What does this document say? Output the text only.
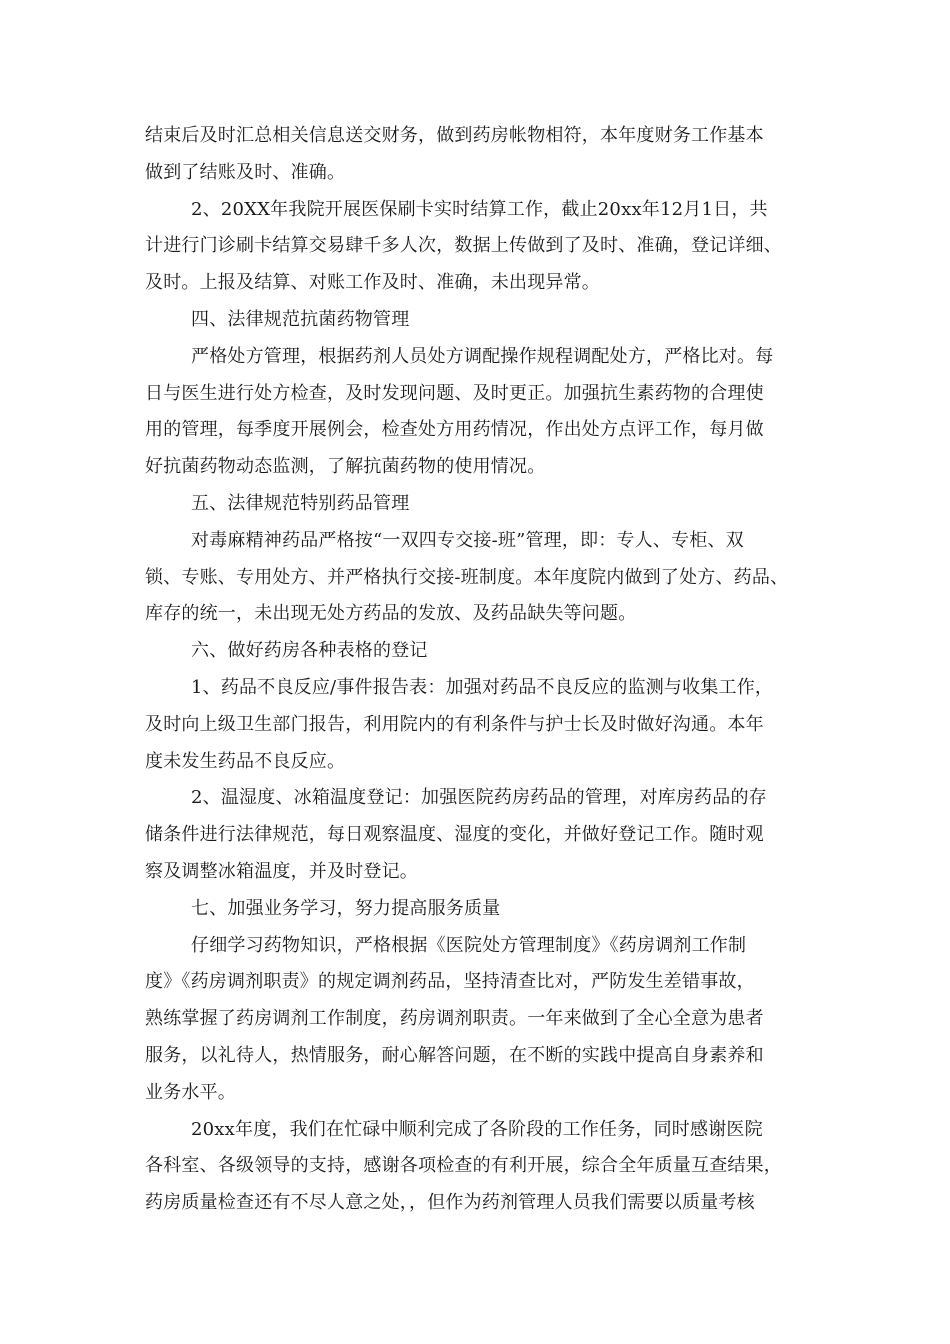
结束后及时汇总相关信息送交财务，做到药房帐物相符，本年度财务工作基本
做到了结账及时、准确。
2、20XX年我院开展医保刷卡实时结算工作，截止20xx年12月1日，共
计进行门诊刷卡结算交易肆千多人次，数据上传做到了及时、准确，登记详细、
及时。上报及结算、对账工作及时、准确，未出现异常。
四、法律规范抗菌药物管理
严格处方管理，根据药剂人员处方调配操作规程调配处方，严格比对。每
日与医生进行处方检查，及时发现问题、及时更正。加强抗生素药物的合理使
用的管理，每季度开展例会，检查处方用药情况，作出处方点评工作，每月做
好抗菌药物动态监测，了解抗菌药物的使用情况。
五、法律规范特别药品管理
对毒麻精神药品严格按“一双四专交接-班”管理，即：专人、专柜、双
锁、专账、专用处方、并严格执行交接-班制度。本年度院内做到了处方、药品、
库存的统一，未出现无处方药品的发放、及药品缺失等问题。
六、做好药房各种表格的登记
1、药品不良反应/事件报告表：加强对药品不良反应的监测与收集工作，
及时向上级卫生部门报告，利用院内的有利条件与护士长及时做好沟通。本年
度未发生药品不良反应。
2、温湿度、冰箱温度登记：加强医院药房药品的管理，对库房药品的存
储条件进行法律规范，每日观察温度、湿度的变化，并做好登记工作。随时观
察及调整冰箱温度，并及时登记。
七、加强业务学习，努力提高服务质量
仔细学习药物知识，严格根据《医院处方管理制度》《药房调剂工作制
度》《药房调剂职责》的规定调剂药品，坚持清查比对，严防发生差错事故，
熟练掌握了药房调剂工作制度，药房调剂职责。一年来做到了全心全意为患者
服务，以礼待人，热情服务，耐心解答问题，在不断的实践中提高自身素养和
业务水平。
20xx年度，我们在忙碌中顺利完成了各阶段的工作任务，同时感谢医院
各科室、各级领导的支持，感谢各项检查的有利开展，综合全年质量互查结果，
药房质量检查还有不尽人意之处，，但作为药剂管理人员我们需要以质量考核
